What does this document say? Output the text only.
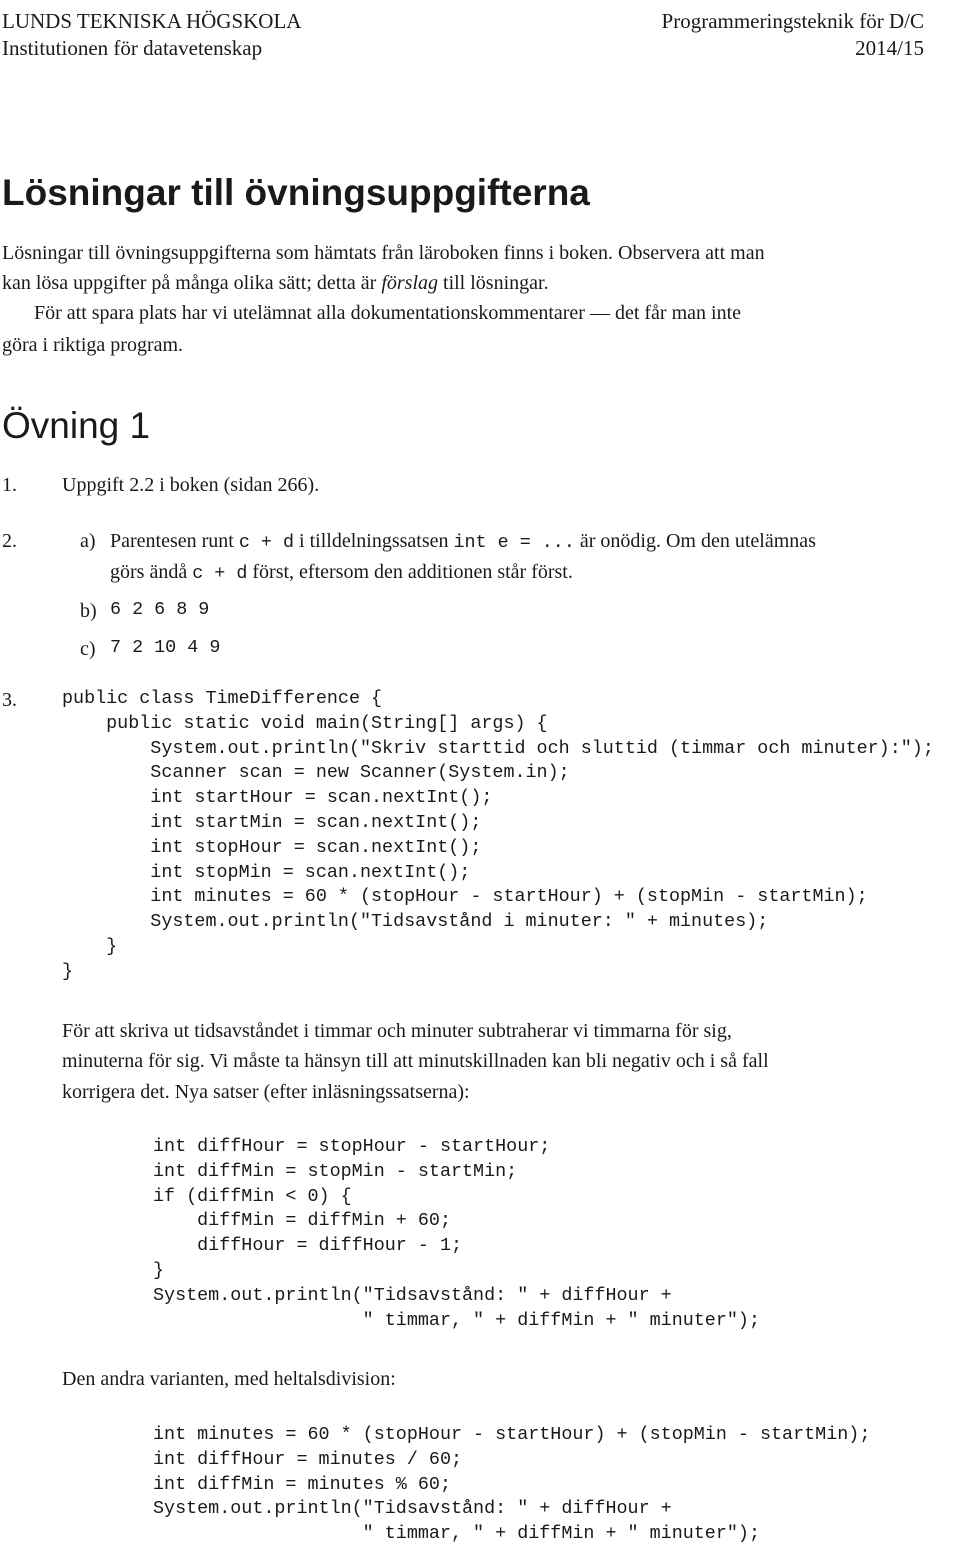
LUNDS TEKNISKA HÖGSKOLA
Institutionen för datavetenskap
Programmeringsteknik för D/C
2014/15
Lösningar till övningsuppgifterna
Lösningar till övningsuppgifterna som hämtats från läroboken finns i boken. Observera att man
kan lösa uppgifter på många olika sätt; detta är förslag till lösningar.
För att spara plats har vi utelämnat alla dokumentationskommentarer — det får man inte
göra i riktiga program.
Övning 1
1. Uppgift 2.2 i boken (sidan 266).
2.	a) Parentesen runt c + d i tilldelningssatsen int e = ... är onödig. Om den utelämnas
görs ändå c + d först, eftersom den additionen står först.
b) 6 2 6 8 9
c) 7 2 10 4 9
3. public class TimeDifference {
public static void main(String[] args) {
System.out.println("Skriv starttid och sluttid (timmar och minuter):");
Scanner scan = new Scanner(System.in);
int startHour = scan.nextInt();
int startMin = scan.nextInt();
int stopHour = scan.nextInt();
int stopMin = scan.nextInt();
int minutes = 60 * (stopHour - startHour) + (stopMin - startMin);
System.out.println("Tidsavstånd i minuter: " + minutes);
}
}
För att skriva ut tidsavståndet i timmar och minuter subtraherar vi timmarna för sig,
minuterna för sig. Vi måste ta hänsyn till att minutskillnaden kan bli negativ och i så fall
korrigera det. Nya satser (efter inläsningssatserna):
int diffHour = stopHour - startHour;
int diffMin = stopMin - startMin;
if (diffMin < 0) {
diffMin = diffMin + 60;
diffHour = diffHour - 1;
}
System.out.println("Tidsavstånd: " + diffHour +
" timmar, " + diffMin + " minuter");
Den andra varianten, med heltalsdivision:
int minutes = 60 * (stopHour - startHour) + (stopMin - startMin);
int diffHour = minutes / 60;
int diffMin = minutes % 60;
System.out.println("Tidsavstånd: " + diffHour +
" timmar, " + diffMin + " minuter");
